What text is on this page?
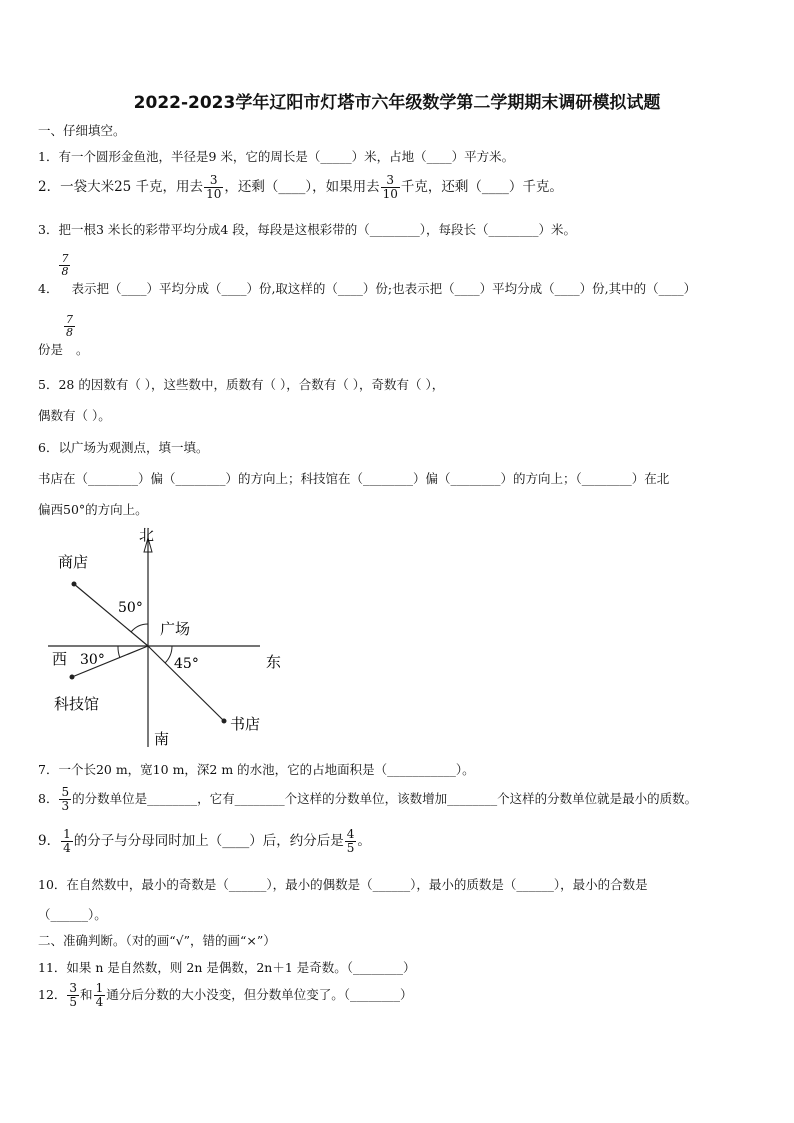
2022-2023学年辽阳市灯塔市六年级数学第二学期期末调研模拟试题
一、仔细填空。
1．有一个圆形金鱼池，半径是9 米，它的周长是（_____）米，占地（____）平方米。
2．一袋大米25 千克，用去 $\frac{3}{10}$ ，还剩（____），如果用去 $\frac{3}{10}$ 千克，还剩（____）千克。
3．把一根3 米长的彩带平均分成4 段，每段是这根彩带的（________），每段长（________）米。
4．
$\frac{7}{8}$
表示把（____）平均分成（____）份,取这样的（____）份;也表示把（____）平均分成（____）份,其中的（____）
份是
$\frac{7}{8}$
。
5．28 的因数有（ ），这些数中，质数有（ ），合数有（ ），奇数有（ ），
偶数有（ ）。
6．以广场为观测点，填一填。
书店在（________）偏（________）的方向上；科技馆在（________）偏（________）的方向上；（________）在北
偏西50°的方向上。
北
南
西	东
广场
商店
科技馆
书店
50°
30°	45°
7．一个长20 m，宽10 m，深2 m 的水池，它的占地面积是（___________）。
8． $\frac{5}{3}$ 的分数单位是________，它有________个这样的分数单位，该数增加________个这样的分数单位就是最小的质数。
9． $\frac{1}{4}$ 的分子与分母同时加上（____）后，约分后是 $\frac{4}{5}$ 。
10．在自然数中，最小的奇数是（______），最小的偶数是（______），最小的质数是（______），最小的合数是
（______）。
二、准确判断。（对的画“√”，错的画“×”）
11．如果 n 是自然数，则 2n 是偶数，2n＋1 是奇数。（________）
12． $\frac{3}{5}$ 和 $\frac{1}{4}$ 通分后分数的大小没变，但分数单位变了。（________）
